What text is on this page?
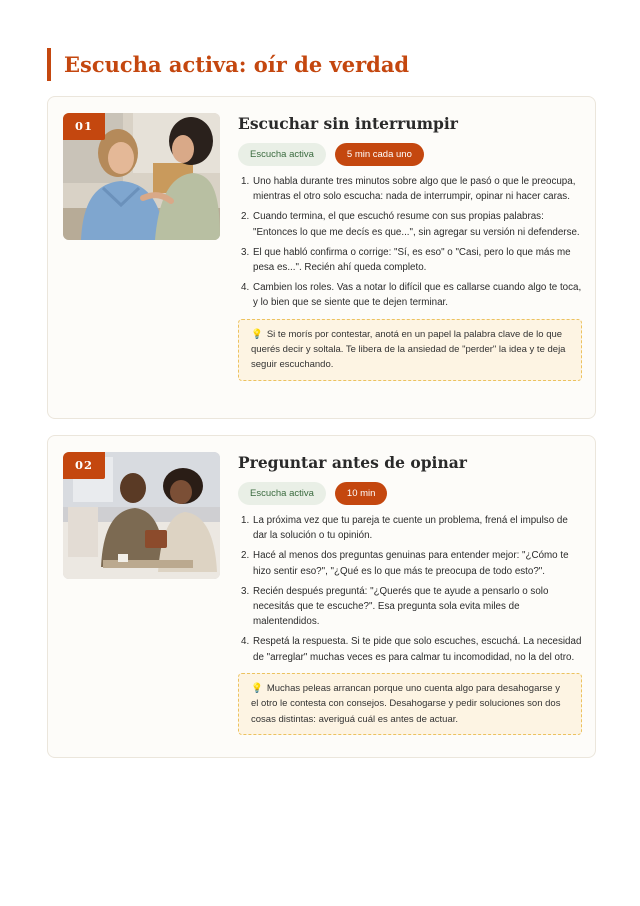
Escucha activa: oír de verdad
01	Escuchar sin interrumpir
Escucha activa	5 min cada uno
1. Uno habla durante tres minutos sobre algo que le pasó o que le preocupa, mientras el otro solo escucha: nada de interrumpir, opinar ni hacer caras.
2. Cuando termina, el que escuchó resume con sus propias palabras: "Entonces lo que me decís es que...", sin agregar su versión ni defenderse.
3. El que habló confirma o corrige: "Sí, es eso" o "Casi, pero lo que más me pesa es...". Recién ahí queda completo.
4. Cambien los roles. Vas a notar lo difícil que es callarse cuando algo te toca, y lo bien que se siente que te dejen terminar.
💡 Si te morís por contestar, anotá en un papel la palabra clave de lo que querés decir y soltala. Te libera de la ansiedad de "perder" la idea y te deja seguir escuchando.
02	Preguntar antes de opinar
Escucha activa	10 min
1. La próxima vez que tu pareja te cuente un problema, frená el impulso de dar la solución o tu opinión.
2. Hacé al menos dos preguntas genuinas para entender mejor: "¿Cómo te hizo sentir eso?", "¿Qué es lo que más te preocupa de todo esto?".
3. Recién después preguntá: "¿Querés que te ayude a pensarlo o solo necesitás que te escuche?". Esa pregunta sola evita miles de malentendidos.
4. Respetá la respuesta. Si te pide que solo escuches, escuchá. La necesidad de "arreglar" muchas veces es para calmar tu incomodidad, no la del otro.
💡 Muchas peleas arrancan porque uno cuenta algo para desahogarse y el otro le contesta con consejos. Desahogarse y pedir soluciones son dos cosas distintas: averiguá cuál es antes de actuar.
